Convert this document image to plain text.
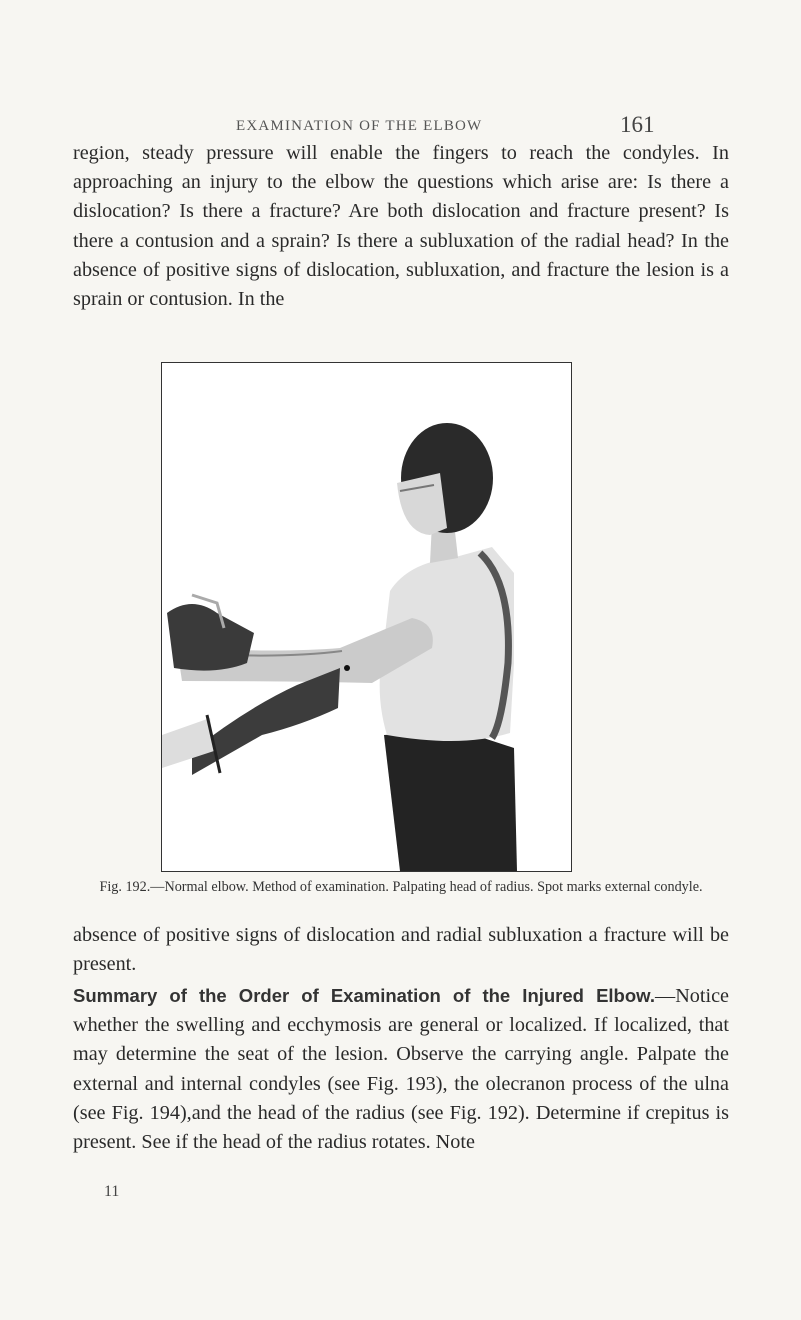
EXAMINATION OF THE ELBOW	161
region, steady pressure will enable the fingers to reach the condyles. In approaching an injury to the elbow the questions which arise are: Is there a dislocation? Is there a fracture? Are both dislocation and fracture present? Is there a contusion and a sprain? Is there a subluxation of the radial head? In the absence of positive signs of dislocation, subluxation, and fracture the lesion is a sprain or contusion. In the
Fig. 192.—Normal elbow. Method of examination. Palpating head of radius. Spot marks external condyle.
absence of positive signs of dislocation and radial subluxation a fracture will be present.
Summary of the Order of Examination of the Injured Elbow.—Notice whether the swelling and ecchymosis are general or localized. If localized, that may determine the seat of the lesion. Observe the carrying angle. Palpate the external and internal condyles (see Fig. 193), the olecranon process of the ulna (see Fig. 194),and the head of the radius (see Fig. 192). Determine if crepitus is present. See if the head of the radius rotates. Note
11
